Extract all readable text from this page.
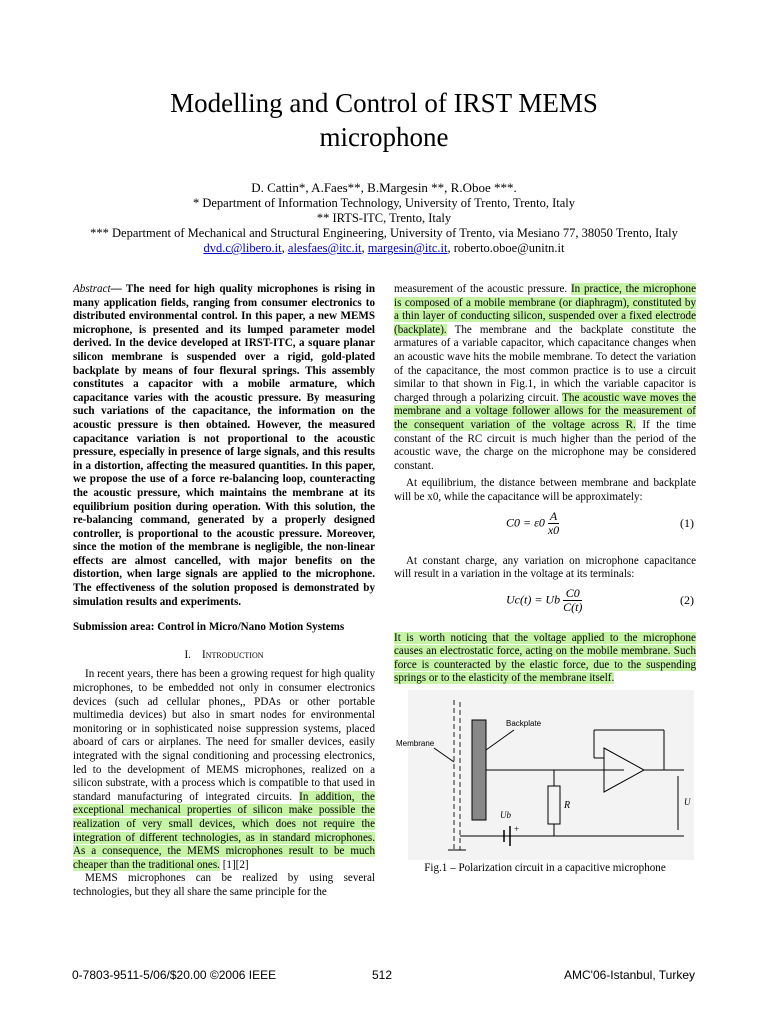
Modelling and Control of IRST MEMS
microphone
D. Cattin*, A.Faes**, B.Margesin **, R.Oboe ***.
* Department of Information Technology, University of Trento, Trento, Italy
** IRTS-ITC, Trento, Italy
*** Department of Mechanical and Structural Engineering, University of Trento, via Mesiano 77, 38050 Trento, Italy
dvd.c@libero.it, alesfaes@itc.it, margesin@itc.it, roberto.oboe@unitn.it

Abstract— The need for high quality microphones is rising in many application fields, ranging from consumer electronics to distributed environmental control. In this paper, a new MEMS microphone, is presented and its lumped parameter model derived. In the device developed at IRST-ITC, a square planar silicon membrane is suspended over a rigid, gold-plated backplate by means of four flexural springs. This assembly constitutes a capacitor with a mobile armature, which capacitance varies with the acoustic pressure. By measuring such variations of the capacitance, the information on the acoustic pressure is then obtained. However, the measured capacitance variation is not proportional to the acoustic pressure, especially in presence of large signals, and this results in a distortion, affecting the measured quantities. In this paper, we propose the use of a force re-balancing loop, counteracting the acoustic pressure, which maintains the membrane at its equilibrium position during operation. With this solution, the re-balancing command, generated by a properly designed controller, is proportional to the acoustic pressure. Moreover, since the motion of the membrane is negligible, the non-linear effects are almost cancelled, with major benefits on the distortion, when large signals are applied to the microphone. The effectiveness of the solution proposed is demonstrated by simulation results and experiments.

Submission area: Control in Micro/Nano Motion Systems

I. Introduction

In recent years, there has been a growing request for high quality microphones, to be embedded not only in consumer electronics devices (such ad cellular phones,, PDAs or other portable multimedia devices) but also in smart nodes for environmental monitoring or in sophisticated noise suppression systems, placed aboard of cars or airplanes. The need for smaller devices, easily integrated with the signal conditioning and processing electronics, led to the development of MEMS microphones, realized on a silicon substrate, with a process which is compatible to that used in standard manufacturing of integrated circuits. In addition, the exceptional mechanical properties of silicon make possible the realization of very small devices, which does not require the integration of different technologies, as in standard microphones. As a consequence, the MEMS microphones result to be much cheaper than the traditional ones. [1][2]

MEMS microphones can be realized by using several technologies, but they all share the same principle for the

measurement of the acoustic pressure. In practice, the microphone is composed of a mobile membrane (or diaphragm), constituted by a thin layer of conducting silicon, suspended over a fixed electrode (backplate). The membrane and the backplate constitute the armatures of a variable capacitor, which capacitance changes when an acoustic wave hits the mobile membrane. To detect the variation of the capacitance, the most common practice is to use a circuit similar to that shown in Fig.1, in which the variable capacitor is charged through a polarizing circuit. The acoustic wave moves the membrane and a voltage follower allows for the measurement of the consequent variation of the voltage across R. If the time constant of the RC circuit is much higher than the period of the acoustic wave, the charge on the microphone may be considered constant.

At equilibrium, the distance between membrane and backplate will be x0, while the capacitance will be approximately:

$C0 = \varepsilon 0 \frac{A}{x0}$	(1)

At constant charge, any variation on microphone capacitance will result in a variation in the voltage at its terminals:

Uc(t) = Ub $\frac{C0}{C(t)}$	(2)

It is worth noticing that the voltage applied to the microphone causes an electrostatic force, acting on the mobile membrane. Such force is counteracted by the elastic force, due to the suspending springs or to the elasticity of the membrane itself.

Membrane
Backplate
R
Ub
+
U
Fig.1 – Polarization circuit in a capacitive microphone
0-7803-9511-5/06/$20.00 ©2006 IEEE	512	AMC'06-Istanbul, Turkey
